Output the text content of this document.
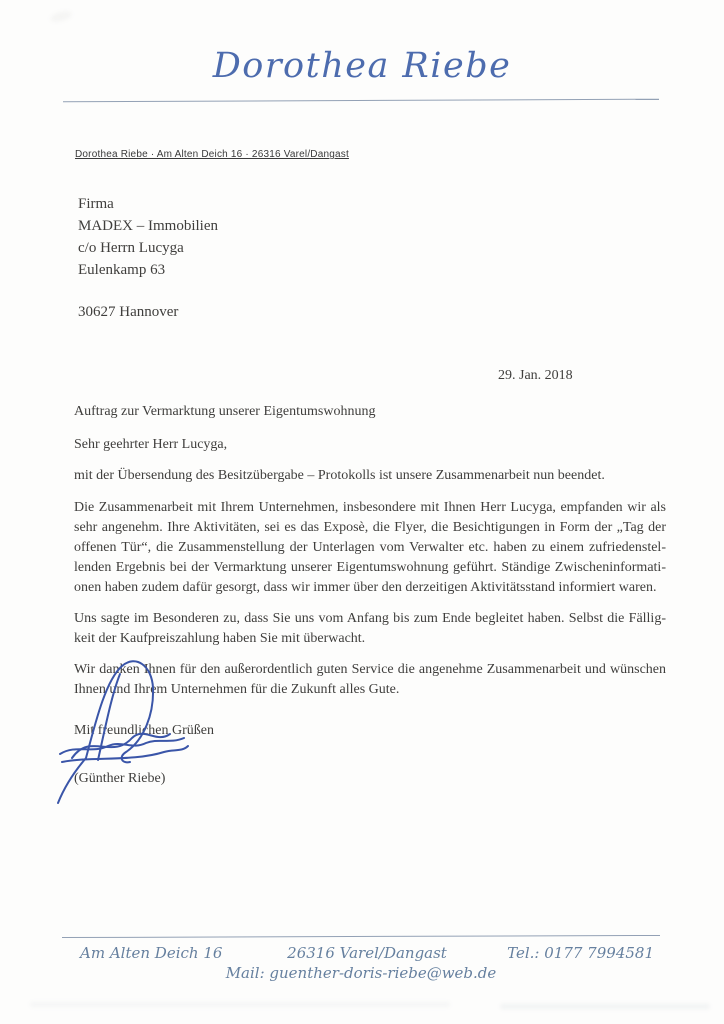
Dorothea Riebe
Dorothea Riebe · Am Alten Deich 16 · 26316 Varel/Dangast
Firma
MADEX – Immobilien
c/o Herrn Lucyga
Eulenkamp 63
30627 Hannover
29. Jan. 2018
Auftrag zur Vermarktung unserer Eigentumswohnung
Sehr geehrter Herr Lucyga,

mit der Übersendung des Besitzübergabe – Protokolls ist unsere Zusammenarbeit nun beendet.

Die Zusammenarbeit mit Ihrem Unternehmen, insbesondere mit Ihnen Herr Lucyga, empfanden wir als sehr angenehm. Ihre Aktivitäten, sei es das Exposè, die Flyer, die Besichtigungen in Form der „Tag der offenen Tür“, die Zusammenstellung der Unterlagen vom Verwalter etc. haben zu einem zufriedenstellenden Ergebnis bei der Vermarktung unserer Eigentumswohnung geführt. Ständige Zwischeninformationen haben zudem dafür gesorgt, dass wir immer über den derzeitigen Aktivitätsstand informiert waren.

Uns sagte im Besonderen zu, dass Sie uns vom Anfang bis zum Ende begleitet haben. Selbst die Fälligkeit der Kaufpreiszahlung haben Sie mit überwacht.

Wir danken Ihnen für den außerordentlich guten Service die angenehme Zusammenarbeit und wünschen Ihnen und Ihrem Unternehmen für die Zukunft alles Gute.

Mit freundlichen Grüßen
(Günther Riebe)
Am Alten Deich 16	26316 Varel/Dangast	Tel.: 0177 7994581
Mail: guenther-doris-riebe@web.de
